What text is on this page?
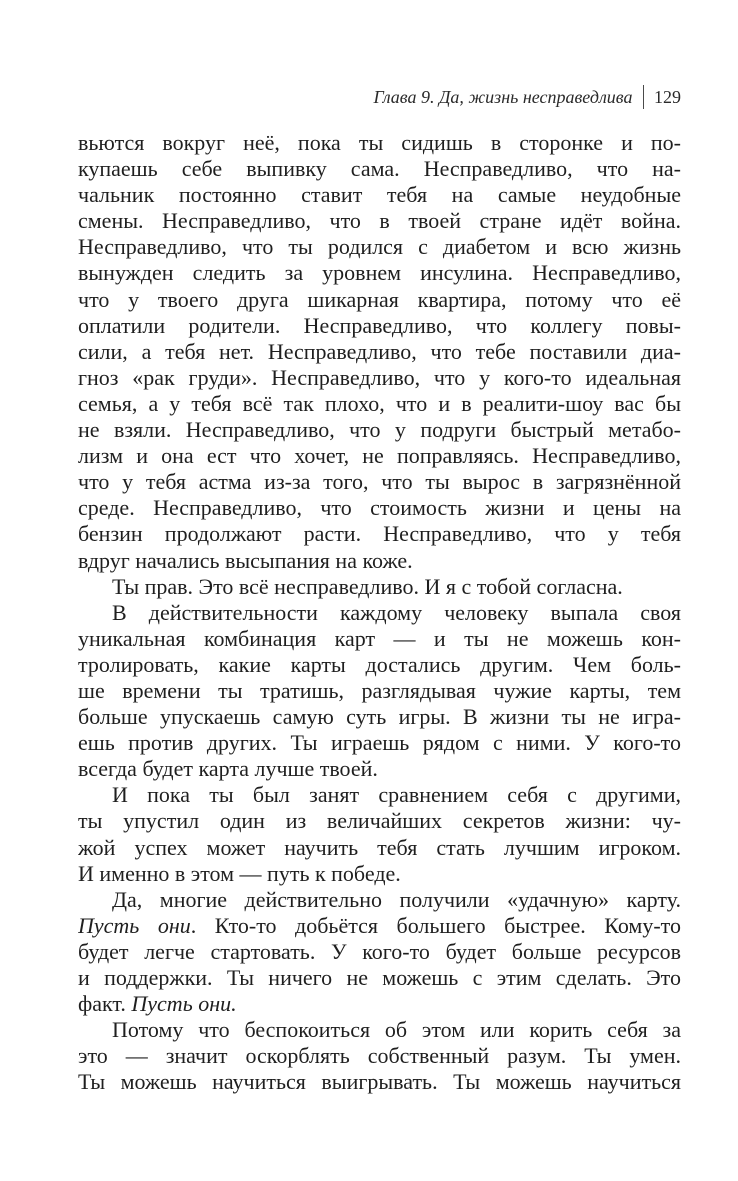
Глава 9. Да, жизнь несправедлива 129
вьются вокруг неё, пока ты сидишь в сторонке и по-
купаешь себе выпивку сама. Несправедливо, что на-
чальник постоянно ставит тебя на самые неудобные
смены. Несправедливо, что в твоей стране идёт война.
Несправедливо, что ты родился с диабетом и всю жизнь
вынужден следить за уровнем инсулина. Несправедливо,
что у твоего друга шикарная квартира, потому что её
оплатили родители. Несправедливо, что коллегу повы-
сили, а тебя нет. Несправедливо, что тебе поставили диа-
гноз «рак груди». Несправедливо, что у кого-то идеальная
семья, а у тебя всё так плохо, что и в реалити-шоу вас бы
не взяли. Несправедливо, что у подруги быстрый метабо-
лизм и она ест что хочет, не поправляясь. Несправедливо,
что у тебя астма из-за того, что ты вырос в загрязнённой
среде. Несправедливо, что стоимость жизни и цены на
бензин продолжают расти. Несправедливо, что у тебя
вдруг начались высыпания на коже.
Ты прав. Это всё несправедливо. И я с тобой согласна.
В действительности каждому человеку выпала своя
уникальная комбинация карт — и ты не можешь кон-
тролировать, какие карты достались другим. Чем боль-
ше времени ты тратишь, разглядывая чужие карты, тем
больше упускаешь самую суть игры. В жизни ты не игра-
ешь против других. Ты играешь рядом с ними. У кого-то
всегда будет карта лучше твоей.
И пока ты был занят сравнением себя с другими,
ты упустил один из величайших секретов жизни: чу-
жой успех может научить тебя стать лучшим игроком.
И именно в этом — путь к победе.
Да, многие действительно получили «удачную» карту.
Пусть они. Кто-то добьётся большего быстрее. Кому-то
будет легче стартовать. У кого-то будет больше ресурсов
и поддержки. Ты ничего не можешь с этим сделать. Это
факт. Пусть они.
Потому что беспокоиться об этом или корить себя за
это — значит оскорблять собственный разум. Ты умен.
Ты можешь научиться выигрывать. Ты можешь научиться
